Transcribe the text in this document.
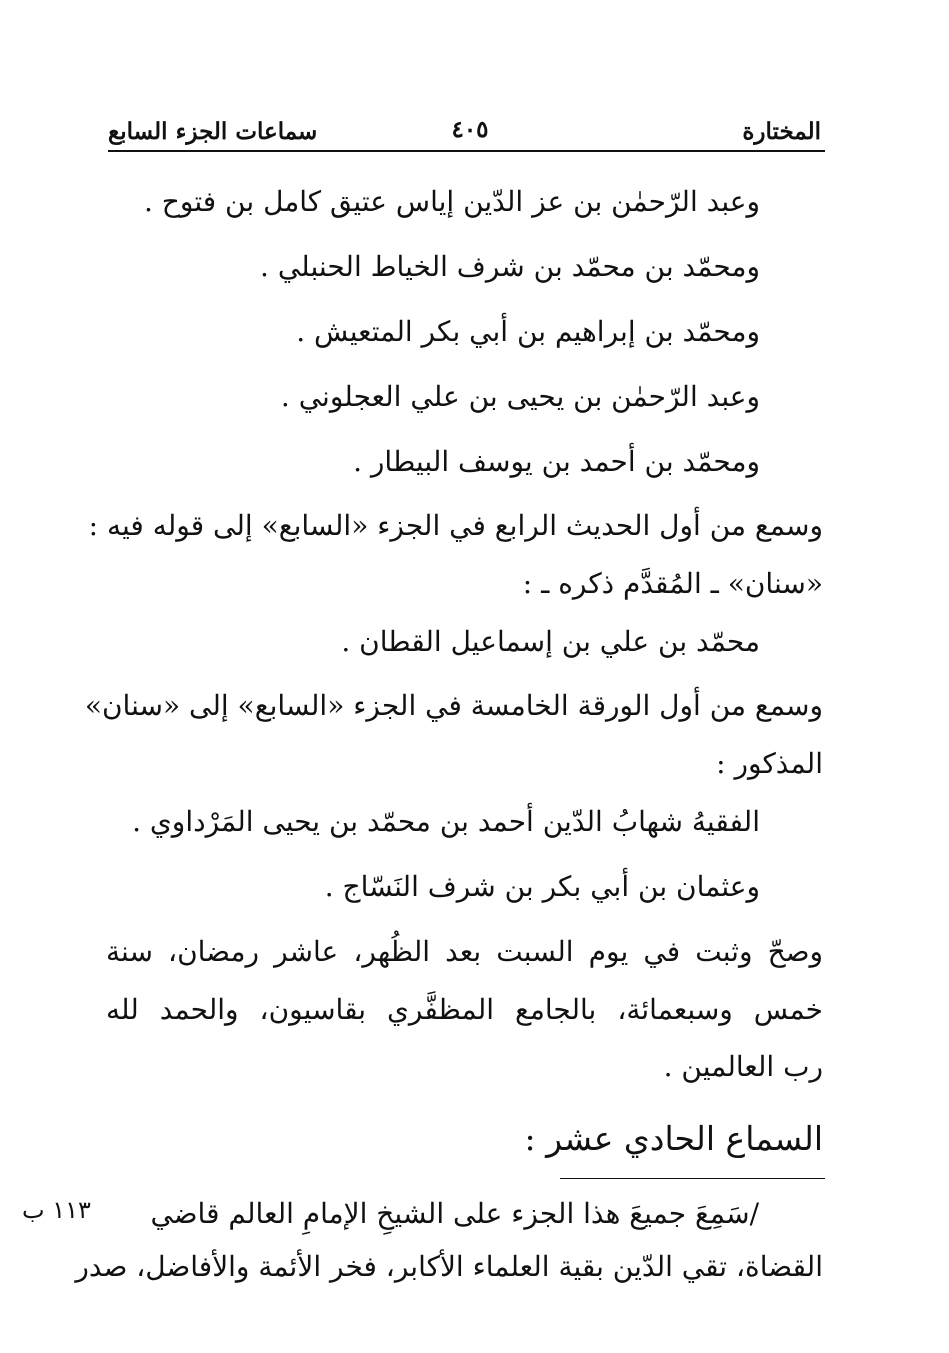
المختارة
٤٠٥
سماعات الجزء السابع
وعبد الرّحمٰن بن عز الدّين إياس عتيق كامل بن فتوح .
ومحمّد بن محمّد بن شرف الخياط الحنبلي .
ومحمّد بن إبراهيم بن أبي بكر المتعيش .
وعبد الرّحمٰن بن يحيى بن علي العجلوني .
ومحمّد بن أحمد بن يوسف البيطار .
وسمع من أول الحديث الرابع في الجزء «السابع» إلى قوله فيه :
«سنان» ـ المُقدَّم ذكره ـ :
محمّد بن علي بن إسماعيل القطان .
وسمع من أول الورقة الخامسة في الجزء «السابع» إلى «سنان»
المذكور :
الفقيهُ شهابُ الدّين أحمد بن محمّد بن يحيى المَرْداوي .
وعثمان بن أبي بكر بن شرف النَسّاج .
وصحّ وثبت في يوم السبت بعد الظُهر، عاشر رمضان، سنة
خمس وسبعمائة، بالجامع المظفَّري بقاسيون، والحمد لله
رب العالمين .
السماع الحادي عشر :
/سَمِعَ جميعَ هذا الجزء على الشيخِ الإمامِ العالم قاضي
القضاة، تقي الدّين بقية العلماء الأكابر، فخر الأئمة والأفاضل، صدر
١١٣ ب
